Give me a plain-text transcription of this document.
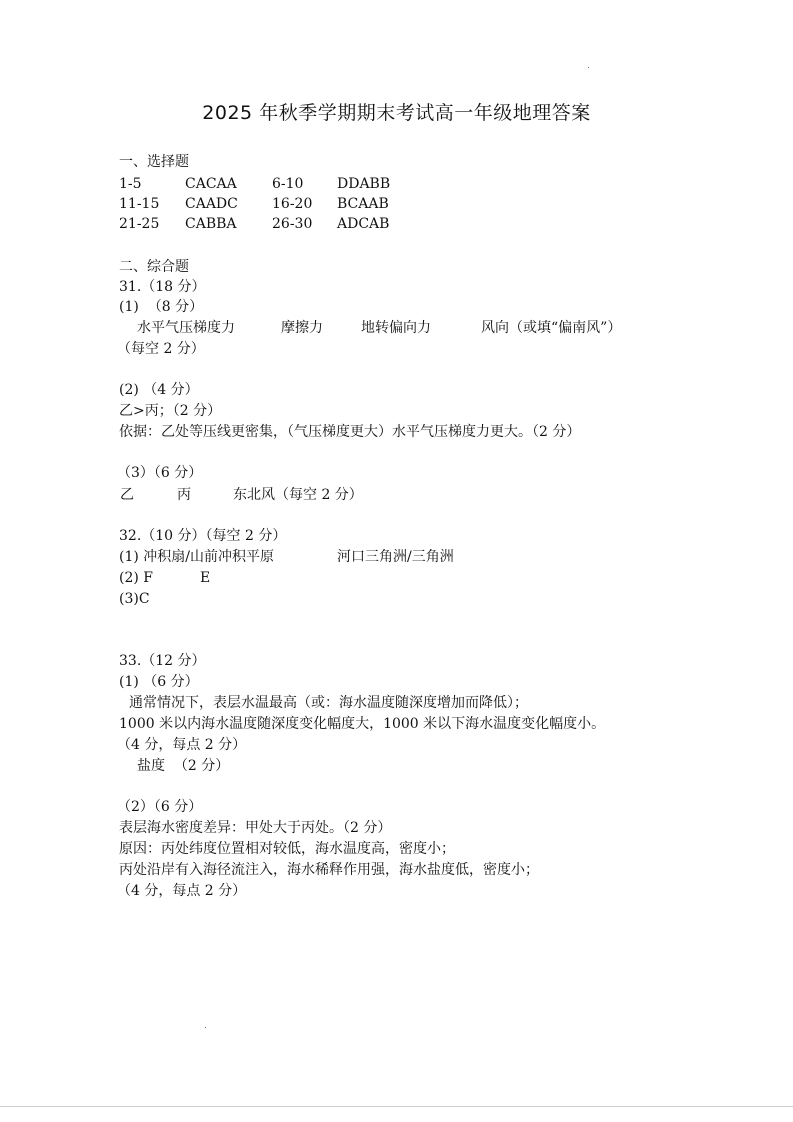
2025 年秋季学期期末考试高一年级地理答案
一、选择题
1-5	CACAA	6-10 DDABB
11-15 CAADC 16-20 BCAAB
21-25 CABBA	26-30 ADCAB
二、综合题
31.（18 分）
(1)  （8 分）
水平气压梯度力	摩擦力	地转偏向力	风向（或填“偏南风”）
（每空 2 分）
(2) （4 分）
乙>丙；（2 分）
依据：乙处等压线更密集，（气压梯度更大）水平气压梯度力更大。（2 分）
（3）（6 分）
乙	丙	东北风（每空 2 分）
32.（10 分）（每空 2 分）
(1) 冲积扇/山前冲积平原	河口三角洲/三角洲
(2) F	E
(3)C
33.（12 分）
(1) （6 分）
通常情况下，表层水温最高（或：海水温度随深度增加而降低）；
1000 米以内海水温度随深度变化幅度大，1000 米以下海水温度变化幅度小。
（4 分，每点 2 分）
盐度  （2 分）
（2）（6 分）
表层海水密度差异：甲处大于丙处。（2 分）
原因：丙处纬度位置相对较低，海水温度高，密度小；
丙处沿岸有入海径流注入，海水稀释作用强，海水盐度低，密度小；
（4 分，每点 2 分）
